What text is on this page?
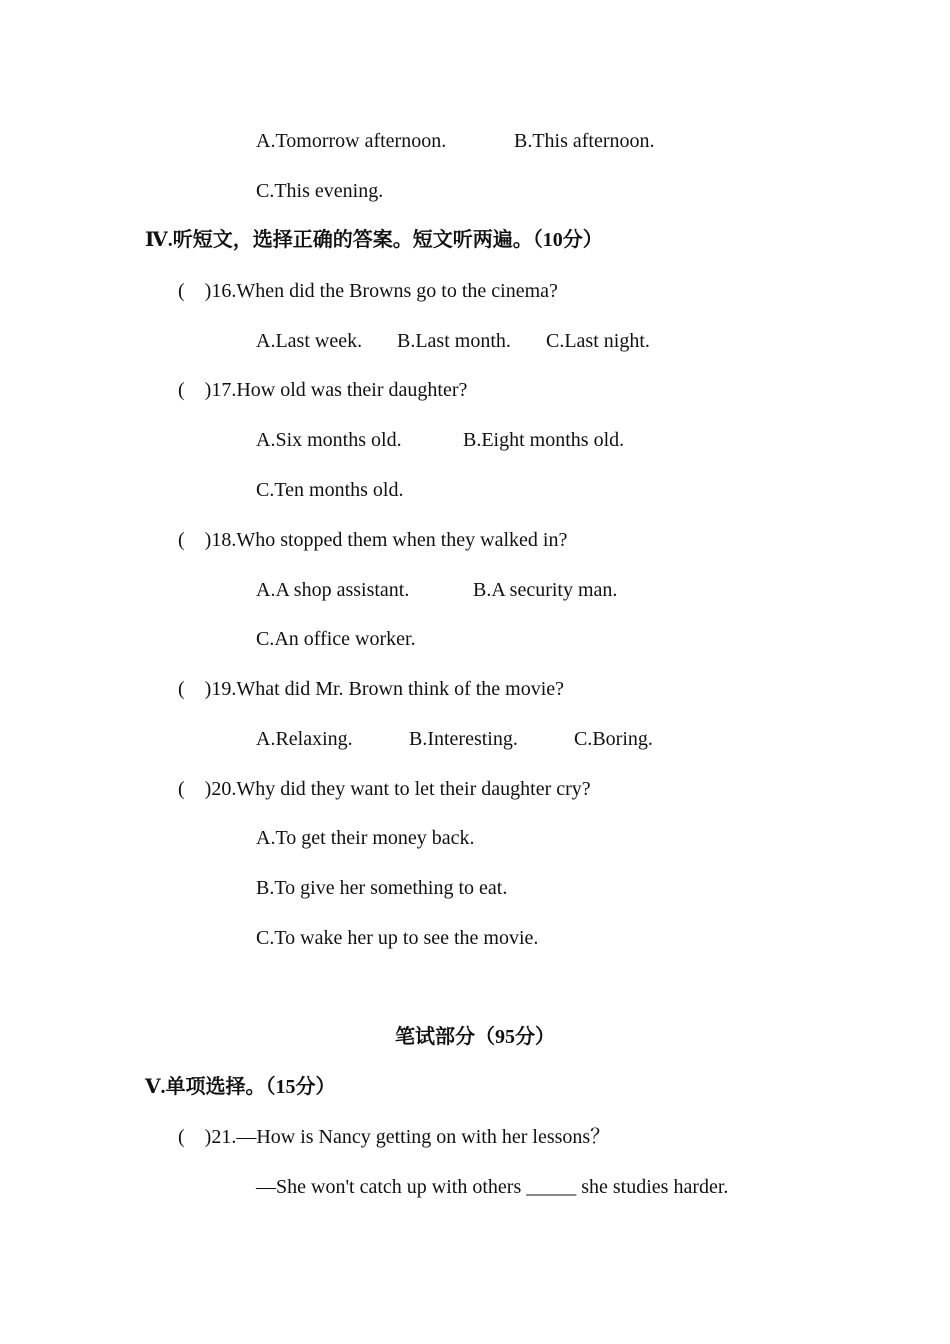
A.Tomorrow afternoon.	B.This afternoon.
C.This evening.
Ⅳ.听短文，选择正确的答案。短文听两遍。（10分）
(    )16.When did the Browns go to the cinema?
A.Last week. B.Last month. C.Last night.
(    )17.How old was their daughter?
A.Six months old.	B.Eight months old.
C.Ten months old.
(    )18.Who stopped them when they walked in?
A.A shop assistant.	B.A security man.
C.An office worker.
(    )19.What did Mr. Brown think of the movie?
A.Relaxing.	B.Interesting.	C.Boring.
(    )20.Why did they want to let their daughter cry?
A.To get their money back.
B.To give her something to eat.
C.To wake her up to see the movie.
笔试部分（95分）
Ⅴ.单项选择。（15分）
(    )21.—How is Nancy getting on with her lessons？
—She won't catch up with others _____ she studies harder.
